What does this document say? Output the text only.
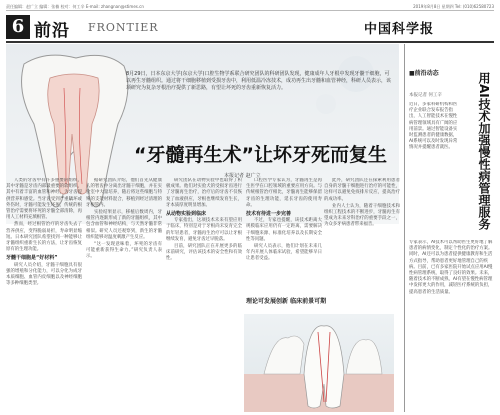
责任编辑：赵广立 编辑：张楠 校对：何工辛 E-mail: zhangnan@stimes.cn	2019年8月8日 星期四 Tel: (010)62580723
6 前沿 FRONTIER	中国科学报
8月29日，日本东京大学(东京大学)口腔生物学系联合研究团队的科研团队发现，健康成年人牙根中发现牙髓干细胞，可以再生牙髓组织。通过将干细胞移植到受损牙齿中，利用低温冷冻技术，成功再生出牙髓和血管神经，科研人员表示，该项研究为复杂牙根治疗提供了新思路，有望让坏死的牙齿重新恢复活力。
“牙髓再生术”让坏牙死而复生
本报记者 赵广立

人类的牙齿中有许多重要的组织，其中牙髓是牙齿内部最重要的软组织，其中有着丰富的血管和神经，为牙齿提供营养和感觉。当牙齿受到严重龋坏或外伤时，牙髓可能发生坏死，传统的根管治疗需要将坏死的牙髓全部清除，再用人工材料充填根管。

然而，经过根管治疗的牙齿失去了营养供应，变得脆弱易折，寿命明显缩短。日本研究团队希望找到一种能够让牙髓组织重新生长的方法，让牙齿恢复原有的生理功能。

牙髓干细胞是“好材料”

研究人员介绍，牙髓干细胞具有很强的增殖和分化能力，可以分化为成牙本质细胞、血管内皮细胞以及神经细胞等多种细胞类型。

据研究团队介绍，他们首先从健康人的智齿中分离出牙髓干细胞，并在实验室中大量培养，随后将这些细胞与特殊的支架材料混合，移植到经过清理的牙根管内。

实验结果显示，移植后数周内，牙根管内逐渐形成了新的牙髓组织，其中包含血管和神经结构，与天然牙髓非常相似。研究人员还观察到，新生的牙髓组织能够对温度刺激产生反应。

“这一发现意味着，坏死的牙齿有可能重新获得生命力。”研究负责人表示。

研究团队在动物实验中也取得了积极成果。他们对实验犬的受损牙齿进行了牙髓再生治疗，治疗后的牙齿不仅恢复了血液供应，牙根也继续发育生长，牙本质厚度明显增加。

从动物实验到临床

专家指出，这项技术未来有望应用于临床，特别是对于牙根尚未发育完全的年轻患者，牙髓再生治疗可以让牙根继续发育，避免牙齿过早脱落。

目前，研究团队正在开展更多的临床前研究，评估该技术的安全性和有效性。

口腔医学专家认为，牙髓再生是再生医学在口腔领域的重要应用方向。与传统根管治疗相比，牙髓再生能够保留牙齿的生理功能，延长牙齿的使用寿命。

技术有待进一步完善

不过，专家也提醒，该技术距离大规模临床应用仍有一定距离，需要解决干细胞来源、标准化培养以及长期安全性等问题。

研究人员表示，他们计划在未来几年内开展人体临床试验，希望能够早日让患者受益。

此外，研究团队还在探索利用患者自身的牙髓干细胞进行治疗的可能性，这样可以避免免疫排斥反应，提高治疗的成功率。

业内人士认为，随着干细胞技术和组织工程技术的不断进步，牙髓再生有望成为未来牙科治疗的重要手段之一，为众多牙病患者带来福音。

理论可发展创新 临床前景可期
■前沿动态
本报记者 何工辛	用AI技术加强慢性病管理服务
近日，多家科研机构和医疗企业联合发布报告指出，人工智能技术在慢性病管理领域具有广阔的应用前景。通过智能设备实时监测患者的健康数据，AI系统可以及时发现异常情况并提醒患者就医。
专家表示，AI技术可以帮助医生更好地了解患者的病情变化，制定个性化的治疗方案。同时，AI还可以为患者提供健康教育和生活方式指导，帮助患者更好地管理自己的疾病。目前，已有多家医院开始试点应用AI慢性病管理系统，取得了良好的效果。未来，随着技术的不断成熟，AI有望在慢性病管理中发挥更大的作用，减轻医疗系统的负担，提高患者的生活质量。
